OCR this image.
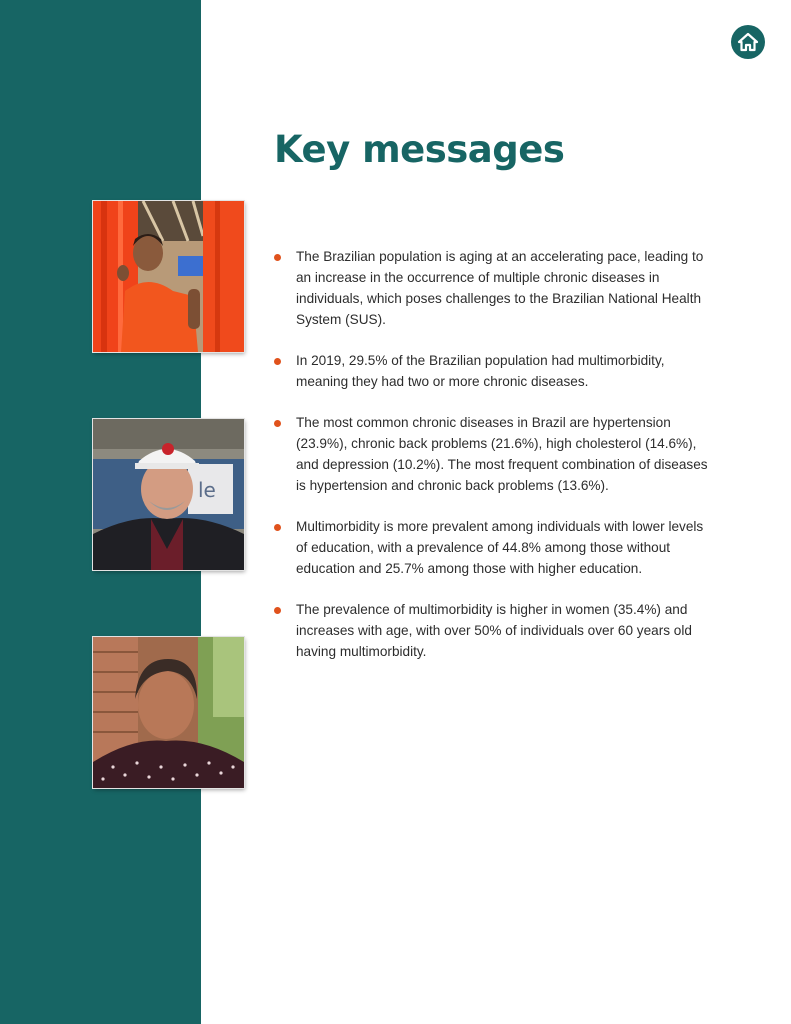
Key messages
le
The Brazilian population is aging at an accelerating pace, leading to an increase in the occurrence of multiple chronic diseases in individuals, which poses challenges to the Brazilian National Health System (SUS).
In 2019, 29.5% of the Brazilian population had multimorbidity, meaning they had two or more chronic diseases.
The most common chronic diseases in Brazil are hypertension (23.9%), chronic back problems (21.6%), high cholesterol (14.6%), and depression (10.2%). The most frequent combination of diseases is hypertension and chronic back problems (13.6%).
Multimorbidity is more prevalent among individuals with lower levels of education, with a prevalence of 44.8% among those without education and 25.7% among those with higher education.
The prevalence of multimorbidity is higher in women (35.4%) and increases with age, with over 50% of individuals over 60 years old having multimorbidity.
